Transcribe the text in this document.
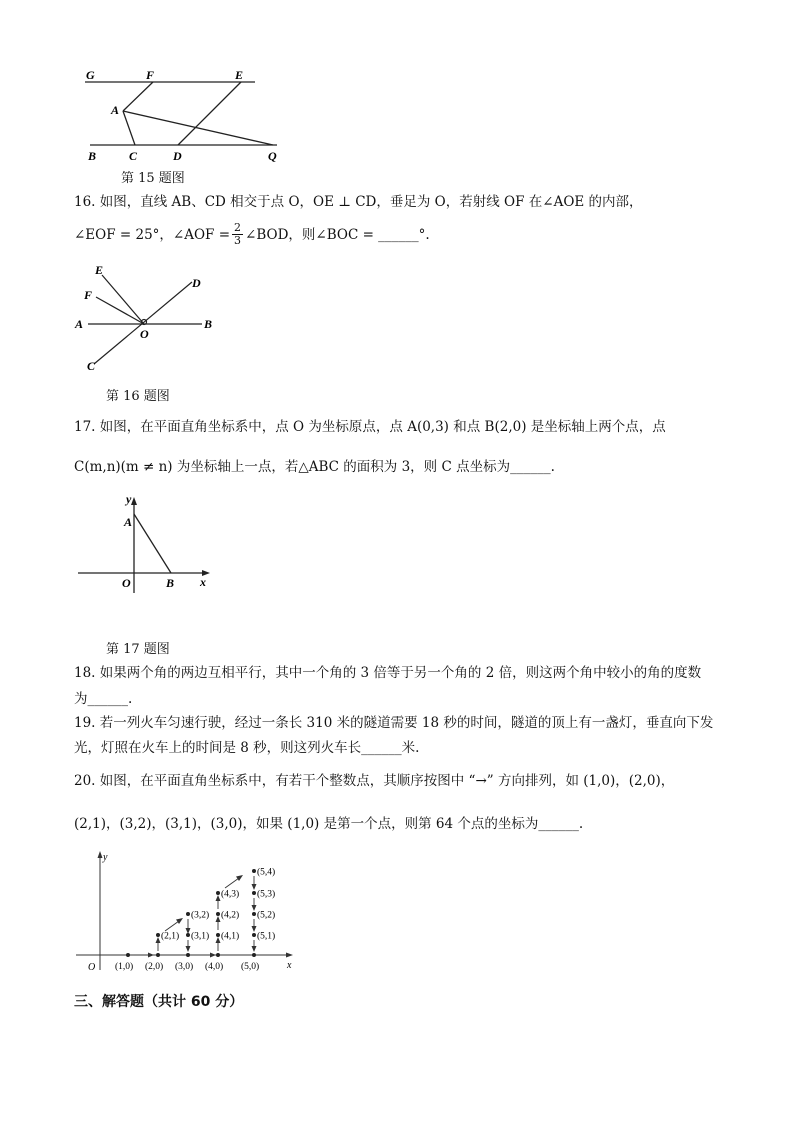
G	F	E
A
B	C	D	Q
第 15 题图
16. 如图，直线 AB、CD 相交于点 O，OE ⊥ CD，垂足为 O，若射线 OF 在∠AOE 的内部，
∠EOF = 25°，∠AOF = $\frac{2}{3}$ ∠BOD，则∠BOC = ______°.
E
F
D
A
O
B
C
第 16 题图
17. 如图，在平面直角坐标系中，点 O 为坐标原点，点 A(0,3) 和点 B(2,0) 是坐标轴上两个点，点
C(m,n)(m ≠ n) 为坐标轴上一点，若△ABC 的面积为 3，则 C 点坐标为______.
y
A
O	B x
第 17 题图
18. 如果两个角的两边互相平行，其中一个角的 3 倍等于另一个角的 2 倍，则这两个角中较小的角的度数
为______.
19. 若一列火车匀速行驶，经过一条长 310 米的隧道需要 18 秒的时间，隧道的顶上有一盏灯，垂直向下发
光，灯照在火车上的时间是 8 秒，则这列火车长______米.
20. 如图，在平面直角坐标系中，有若干个整数点，其顺序按图中 “→” 方向排列，如 (1,0)，(2,0)，
(2,1)，(3,2)，(3,1)，(3,0)，如果 (1,0) 是第一个点，则第 64 个点的坐标为______.
y
x
O (1,0) (2,0) (3,0) (4,0) (5,0)
(2,1) (3,1) (4,1) (5,1)
(3,2) (4,2) (5,2)
(4,3) (5,3)
(5,4)
三、解答题（共计 60 分）
